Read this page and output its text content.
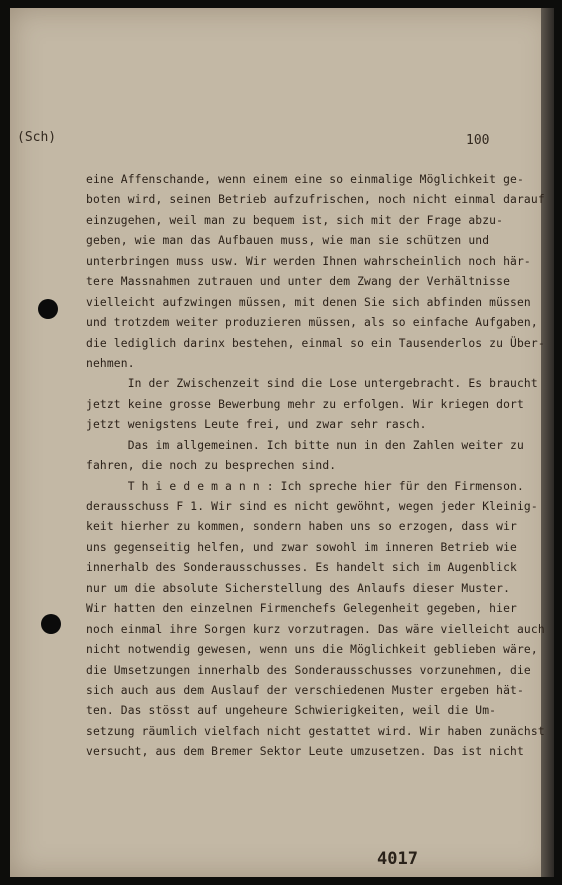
(Sch)	100

eine Affenschande, wenn einem eine so einmalige Möglichkeit ge-

boten wird, seinen Betrieb aufzufrischen, noch nicht einmal darauf

einzugehen, weil man zu bequem ist, sich mit der Frage abzu-

geben, wie man das Aufbauen muss, wie man sie schützen und

unterbringen muss usw. Wir werden Ihnen wahrscheinlich noch här-

tere Massnahmen zutrauen und unter dem Zwang der Verhältnisse

vielleicht aufzwingen müssen, mit denen Sie sich abfinden müssen

und trotzdem weiter produzieren müssen, als so einfache Aufgaben,

die lediglich darinx bestehen, einmal so ein Tausenderlos zu Über-

nehmen.

In der Zwischenzeit sind die Lose untergebracht. Es braucht

jetzt keine grosse Bewerbung mehr zu erfolgen. Wir kriegen dort

jetzt wenigstens Leute frei, und zwar sehr rasch.

Das im allgemeinen. Ich bitte nun in den Zahlen weiter zu

fahren, die noch zu besprechen sind.

T h i e d e m a n n : Ich spreche hier für den Firmenson.

derausschuss F 1. Wir sind es nicht gewöhnt, wegen jeder Kleinig-

keit hierher zu kommen, sondern haben uns so erzogen, dass wir

uns gegenseitig helfen, und zwar sowohl im inneren Betrieb wie

innerhalb des Sonderausschusses. Es handelt sich im Augenblick

nur um die absolute Sicherstellung des Anlaufs dieser Muster.

Wir hatten den einzelnen Firmenchefs Gelegenheit gegeben, hier

noch einmal ihre Sorgen kurz vorzutragen. Das wäre vielleicht auch

nicht notwendig gewesen, wenn uns die Möglichkeit geblieben wäre,

die Umsetzungen innerhalb des Sonderausschusses vorzunehmen, die

sich auch aus dem Auslauf der verschiedenen Muster ergeben hät-

ten. Das stösst auf ungeheure Schwierigkeiten, weil die Um-

setzung räumlich vielfach nicht gestattet wird. Wir haben zunächst

versucht, aus dem Bremer Sektor Leute umzusetzen. Das ist nicht

4017
